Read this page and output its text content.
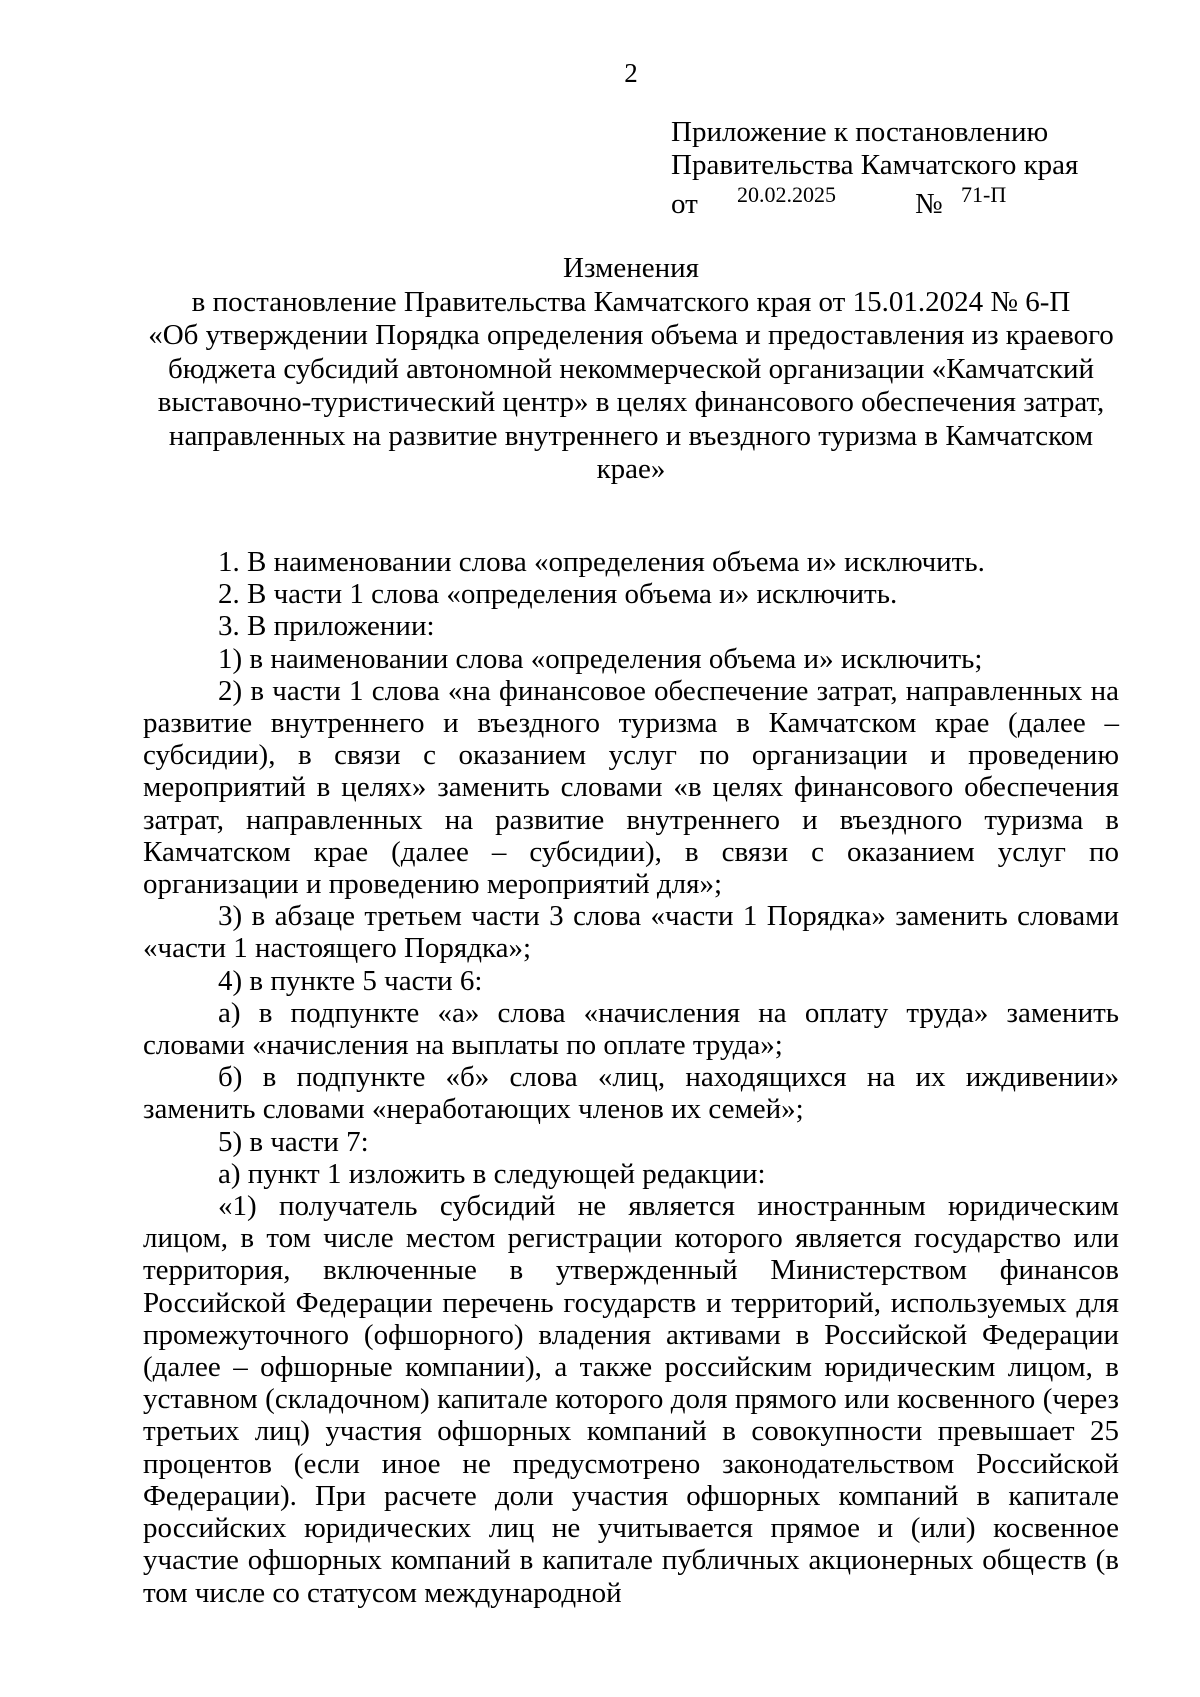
2
Приложение к постановлению
Правительства Камчатского края
от 20.02.2025	№ 71-П
Изменения
в постановление Правительства Камчатского края от 15.01.2024 № 6-П
«Об утверждении Порядка определения объема и предоставления из краевого
бюджета субсидий автономной некоммерческой организации «Камчатский
выставочно-туристический центр» в целях финансового обеспечения затрат,
направленных на развитие внутреннего и въездного туризма в Камчатском
крае»

1. В наименовании слова «определения объема и» исключить.

2. В части 1 слова «определения объема и» исключить.

3. В приложении:

1) в наименовании слова «определения объема и» исключить;

2) в части 1 слова «на финансовое обеспечение затрат, направленных на развитие внутреннего и въездного туризма в Камчатском крае (далее – субсидии), в связи с оказанием услуг по организации и проведению мероприятий в целях» заменить словами «в целях финансового обеспечения затрат, направленных на развитие внутреннего и въездного туризма в Камчатском крае (далее – субсидии), в связи с оказанием услуг по организации и проведению мероприятий для»;

3) в абзаце третьем части 3 слова «части 1 Порядка» заменить словами «части 1 настоящего Порядка»;

4) в пункте 5 части 6:

а) в подпункте «а» слова «начисления на оплату труда» заменить словами «начисления на выплаты по оплате труда»;

б) в подпункте «б» слова «лиц, находящихся на их иждивении» заменить словами «неработающих членов их семей»;

5) в части 7:

а) пункт 1 изложить в следующей редакции:

«1) получатель субсидий не является иностранным юридическим лицом, в том числе местом регистрации которого является государство или территория, включенные в утвержденный Министерством финансов Российской Федерации перечень государств и территорий, используемых для промежуточного (офшорного) владения активами в Российской Федерации (далее – офшорные компании), а также российским юридическим лицом, в уставном (складочном) капитале которого доля прямого или косвенного (через третьих лиц) участия офшорных компаний в совокупности превышает 25 процентов (если иное не предусмотрено законодательством Российской Федерации). При расчете доли участия офшорных компаний в капитале российских юридических лиц не учитывается прямое и (или) косвенное участие офшорных компаний в капитале публичных акционерных обществ (в том числе со статусом международной
